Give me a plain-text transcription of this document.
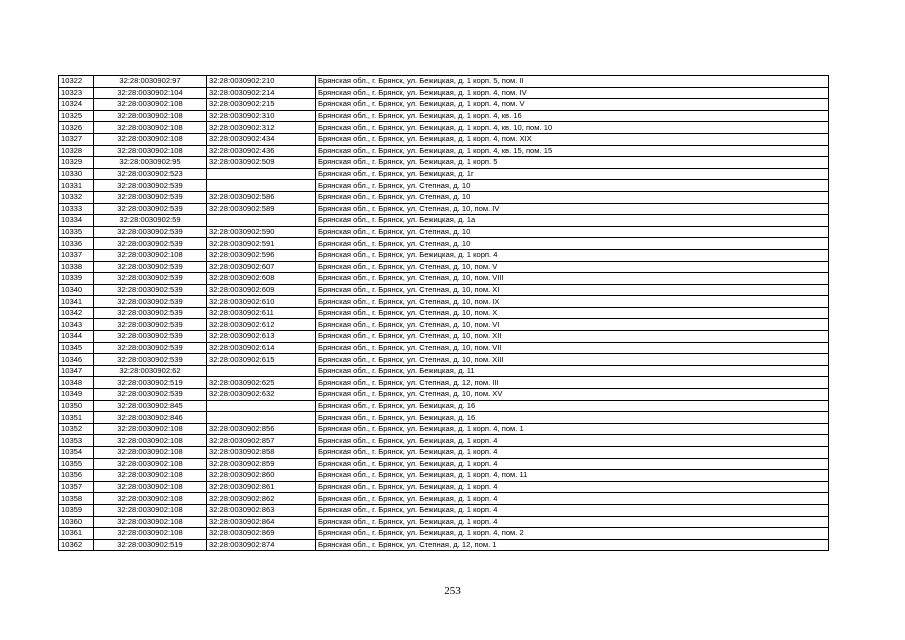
10322	32:28:0030902:97	32:28:0030902:210	Брянская обл., г. Брянск, ул. Бежицкая, д. 1 корп. 5, пом. II
10323	32:28:0030902:104	32:28:0030902:214	Брянская обл., г. Брянск, ул. Бежицкая, д. 1 корп. 4, пом. IV
10324	32:28:0030902:108	32:28:0030902:215	Брянская обл., г. Брянск, ул. Бежицкая, д. 1 корп. 4, пом. V
10325	32:28:0030902:108	32:28:0030902:310	Брянская обл., г. Брянск, ул. Бежицкая, д. 1 корп. 4, кв. 16
10326	32:28:0030902:108	32:28:0030902:312	Брянская обл., г. Брянск, ул. Бежицкая, д. 1 корп. 4, кв. 10, пом. 10
10327	32:28:0030902:108	32:28:0030902:434	Брянская обл., г. Брянск, ул. Бежицкая, д. 1 корп. 4, пом. XIX
10328	32:28:0030902:108	32:28:0030902:436	Брянская обл., г. Брянск, ул. Бежицкая, д. 1 корп. 4, кв. 15, пом. 15
10329	32:28:0030902:95	32:28:0030902:509	Брянская обл., г. Брянск, ул. Бежицкая, д. 1 корп. 5
10330	32:28:0030902:523		Брянская обл., г. Брянск, ул. Бежицкая, д. 1г
10331	32:28:0030902:539		Брянская обл., г. Брянск, ул. Степная, д. 10
10332	32:28:0030902:539	32:28:0030902:586	Брянская обл., г. Брянск, ул. Степная, д. 10
10333	32:28:0030902:539	32:28:0030902:589	Брянская обл., г. Брянск, ул. Степная, д. 10, пом. IV
10334	32:28:0030902:59		Брянская обл., г. Брянск, ул. Бежицкая, д. 1а
10335	32:28:0030902:539	32:28:0030902:590	Брянская обл., г. Брянск, ул. Степная, д. 10
10336	32:28:0030902:539	32:28:0030902:591	Брянская обл., г. Брянск, ул. Степная, д. 10
10337	32:28:0030902:108	32:28:0030902:596	Брянская обл., г. Брянск, ул. Бежицкая, д. 1 корп. 4
10338	32:28:0030902:539	32:28:0030902:607	Брянская обл., г. Брянск, ул. Степная, д. 10, пом. V
10339	32:28:0030902:539	32:28:0030902:608	Брянская обл., г. Брянск, ул. Степная, д. 10, пом. VIII
10340	32:28:0030902:539	32:28:0030902:609	Брянская обл., г. Брянск, ул. Степная, д. 10, пом. XI
10341	32:28:0030902:539	32:28:0030902:610	Брянская обл., г. Брянск, ул. Степная, д. 10, пом. IX
10342	32:28:0030902:539	32:28:0030902:611	Брянская обл., г. Брянск, ул. Степная, д. 10, пом. X
10343	32:28:0030902:539	32:28:0030902:612	Брянская обл., г. Брянск, ул. Степная, д. 10, пом. VI
10344	32:28:0030902:539	32:28:0030902:613	Брянская обл., г. Брянск, ул. Степная, д. 10, пом. XII
10345	32:28:0030902:539	32:28:0030902:614	Брянская обл., г. Брянск, ул. Степная, д. 10, пом. VII
10346	32:28:0030902:539	32:28:0030902:615	Брянская обл., г. Брянск, ул. Степная, д. 10, пом. XIII
10347	32:28:0030902:62		Брянская обл., г. Брянск, ул. Бежицкая, д. 11
10348	32:28:0030902:519	32:28:0030902:625	Брянская обл., г. Брянск, ул. Степная, д. 12, пом. III
10349	32:28:0030902:539	32:28:0030902:632	Брянская обл., г. Брянск, ул. Степная, д. 10, пом. XV
10350	32:28:0030902:845		Брянская обл., г. Брянск, ул. Бежицкая, д. 16
10351	32:28:0030902:846		Брянская обл., г. Брянск, ул. Бежицкая, д. 16
10352	32:28:0030902:108	32:28:0030902:856	Брянская обл., г. Брянск, ул. Бежицкая, д. 1 корп. 4, пом. 1
10353	32:28:0030902:108	32:28:0030902:857	Брянская обл., г. Брянск, ул. Бежицкая, д. 1 корп. 4
10354	32:28:0030902:108	32:28:0030902:858	Брянская обл., г. Брянск, ул. Бежицкая, д. 1 корп. 4
10355	32:28:0030902:108	32:28:0030902:859	Брянская обл., г. Брянск, ул. Бежицкая, д. 1 корп. 4
10356	32:28:0030902:108	32:28:0030902:860	Брянская обл., г. Брянск, ул. Бежицкая, д. 1 корп. 4, пом. 11
10357	32:28:0030902:108	32:28:0030902:861	Брянская обл., г. Брянск, ул. Бежицкая, д. 1 корп. 4
10358	32:28:0030902:108	32:28:0030902:862	Брянская обл., г. Брянск, ул. Бежицкая, д. 1 корп. 4
10359	32:28:0030902:108	32:28:0030902:863	Брянская обл., г. Брянск, ул. Бежицкая, д. 1 корп. 4
10360	32:28:0030902:108	32:28:0030902:864	Брянская обл., г. Брянск, ул. Бежицкая, д. 1 корп. 4
10361	32:28:0030902:108	32:28:0030902:869	Брянская обл., г. Брянск, ул. Бежицкая, д. 1 корп. 4, пом. 2
10362	32:28:0030902:519	32:28:0030902:874	Брянская обл., г. Брянск, ул. Степная, д. 12, пом. 1
253
